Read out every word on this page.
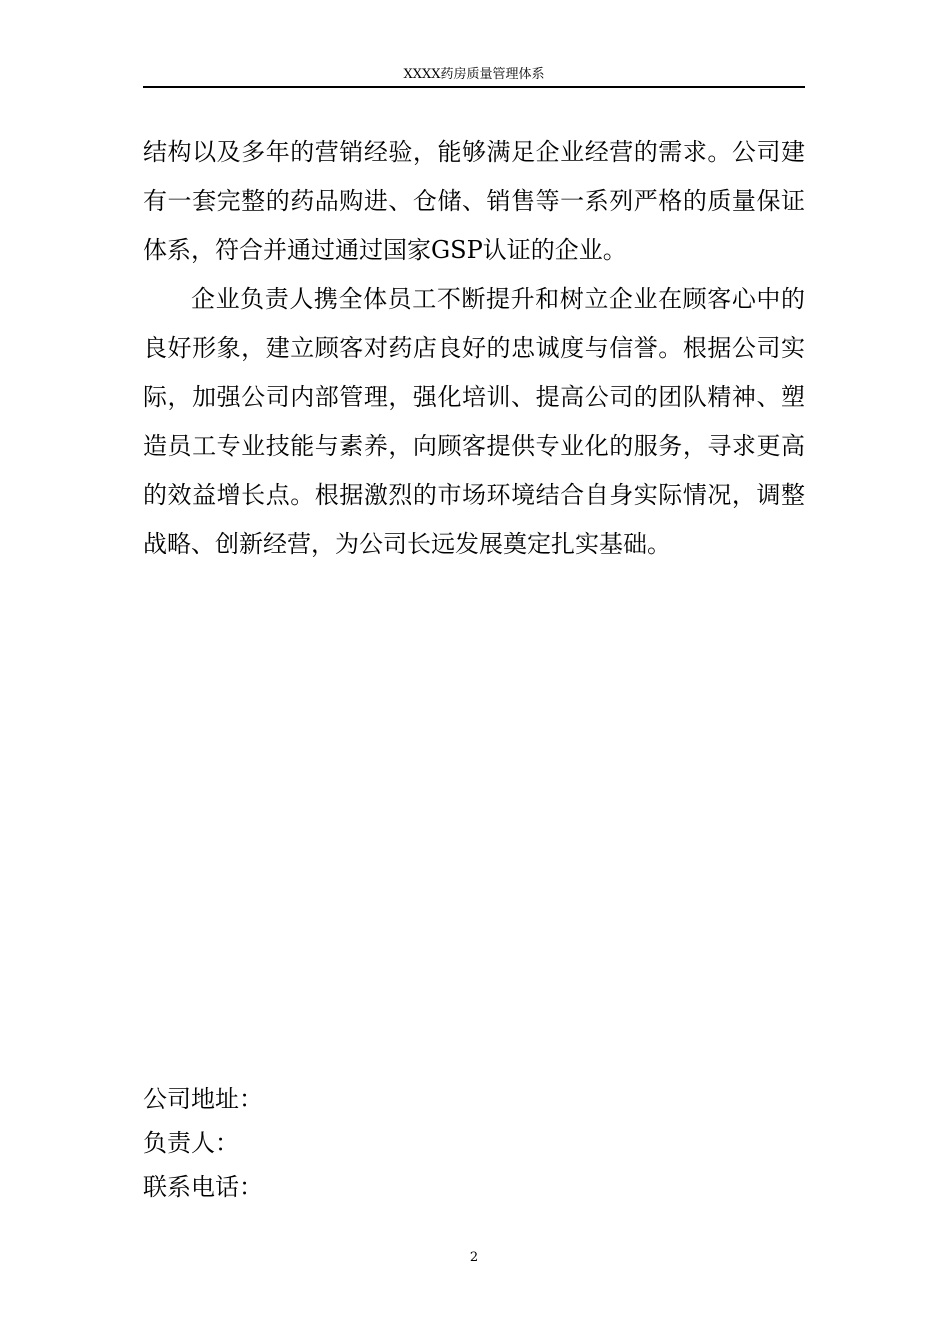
XXXX药房质量管理体系

结构以及多年的营销经验，能够满足企业经营的需求。公司建有一套完整的药品购进、仓储、销售等一系列严格的质量保证体系，符合并通过通过国家GSP认证的企业。

企业负责人携全体员工不断提升和树立企业在顾客心中的良好形象，建立顾客对药店良好的忠诚度与信誉。根据公司实际，加强公司内部管理，强化培训、提高公司的团队精神、塑造员工专业技能与素养，向顾客提供专业化的服务，寻求更高的效益增长点。根据激烈的市场环境结合自身实际情况，调整战略、创新经营，为公司长远发展奠定扎实基础。

公司地址：
负责人：
联系电话：
2
